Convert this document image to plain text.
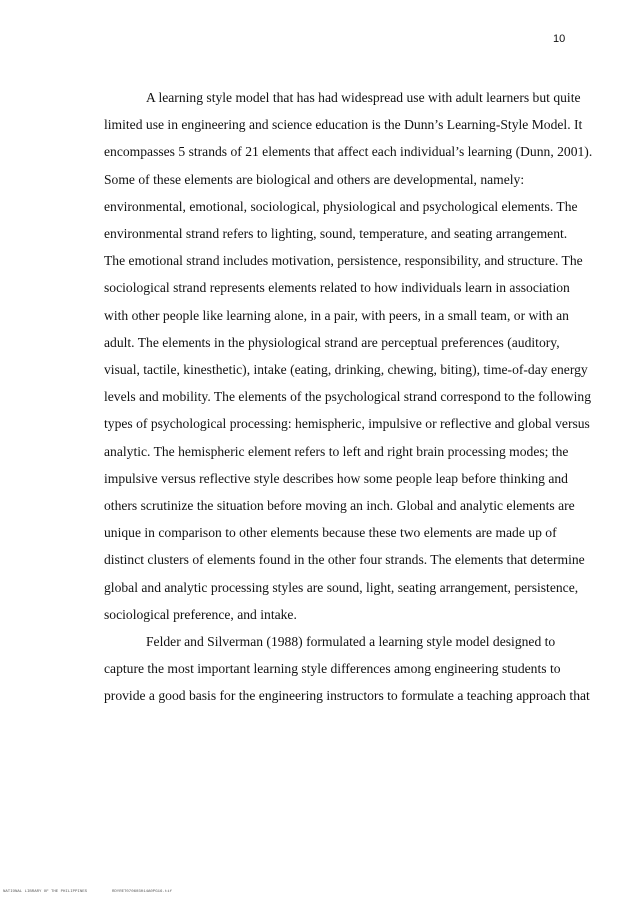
10

A learning style model that has had widespread use with adult learners but quite
limited use in engineering and science education is the Dunn’s Learning-Style Model. It
encompasses 5 strands of 21 elements that affect each individual’s learning (Dunn, 2001).
Some of these elements are biological and others are developmental, namely:
environmental, emotional, sociological, physiological and psychological elements. The
environmental strand refers to lighting, sound, temperature, and seating arrangement.
The emotional strand includes motivation, persistence, responsibility, and structure. The
sociological strand represents elements related to how individuals learn in association
with other people like learning alone, in a pair, with peers, in a small team, or with an
adult. The elements in the physiological strand are perceptual preferences (auditory,
visual, tactile, kinesthetic), intake (eating, drinking, chewing, biting), time-of-day energy
levels and mobility. The elements of the psychological strand correspond to the following
types of psychological processing: hemispheric, impulsive or reflective and global versus
analytic. The hemispheric element refers to left and right brain processing modes; the
impulsive versus reflective style describes how some people leap before thinking and
others scrutinize the situation before moving an inch. Global and analytic elements are
unique in comparison to other elements because these two elements are made up of
distinct clusters of elements found in the other four strands. The elements that determine
global and analytic processing styles are sound, light, seating arrangement, persistence,
sociological preference, and intake.

Felder and Silverman (1988) formulated a learning style model designed to
capture the most important learning style differences among engineering students to
provide a good basis for the engineering instructors to formulate a teaching approach that

NATIONAL LIBRARY OF THE PHILIPPINES	RDYRET070603014A0PG16.tif
